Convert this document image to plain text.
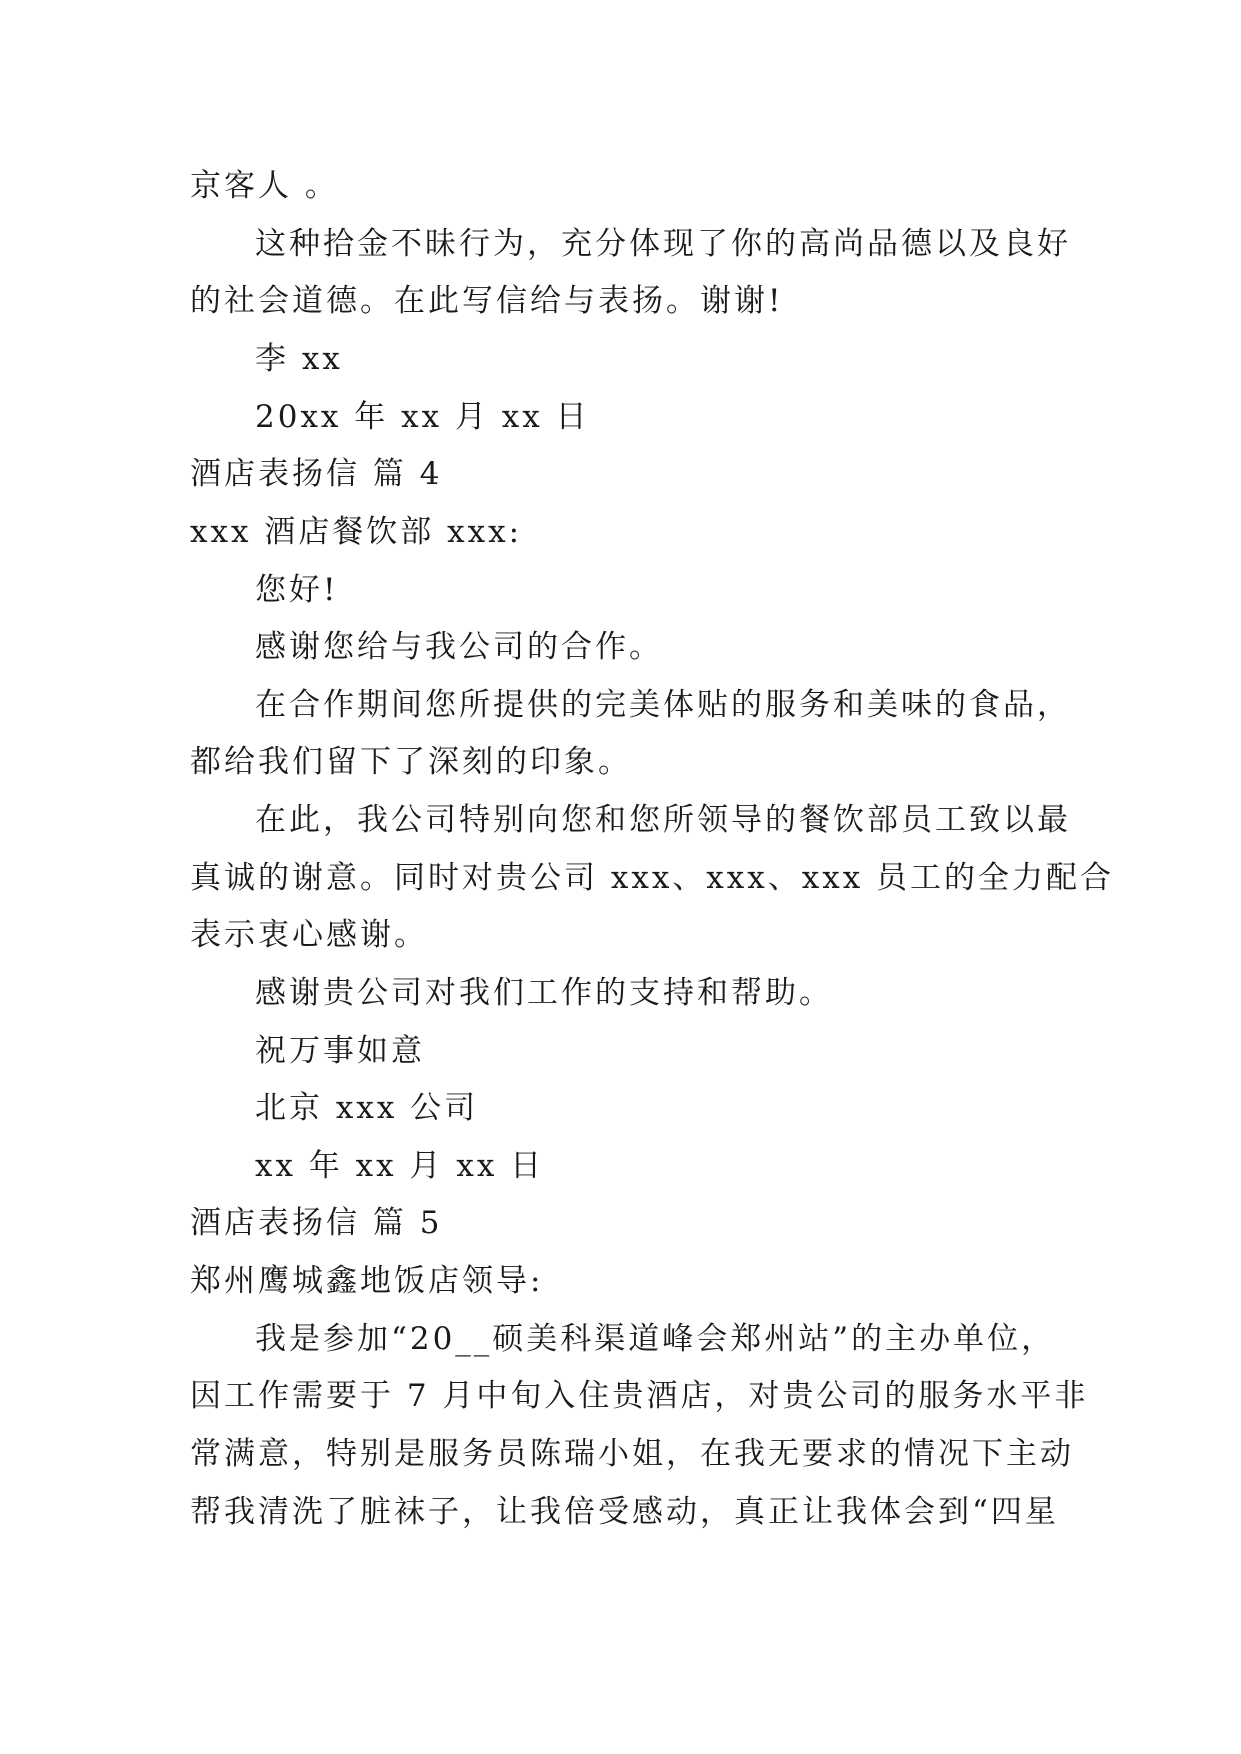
京客人 。
这种拾金不昧行为，充分体现了你的高尚品德以及良好
的社会道德。在此写信给与表扬。谢谢!
李 xx
20xx 年 xx 月 xx 日
酒店表扬信 篇 4
xxx 酒店餐饮部 xxx:
您好!
感谢您给与我公司的合作。
在合作期间您所提供的完美体贴的服务和美味的食品，
都给我们留下了深刻的印象。
在此，我公司特别向您和您所领导的餐饮部员工致以最
真诚的谢意。同时对贵公司 xxx、xxx、xxx 员工的全力配合
表示衷心感谢。
感谢贵公司对我们工作的支持和帮助。
祝万事如意
北京 xxx 公司
xx 年 xx 月 xx 日
酒店表扬信 篇 5
郑州鹰城鑫地饭店领导:
我是参加“20__硕美科渠道峰会郑州站”的主办单位，
因工作需要于 7 月中旬入住贵酒店，对贵公司的服务水平非
常满意，特别是服务员陈瑞小姐，在我无要求的情况下主动
帮我清洗了脏袜子，让我倍受感动，真正让我体会到“四星
